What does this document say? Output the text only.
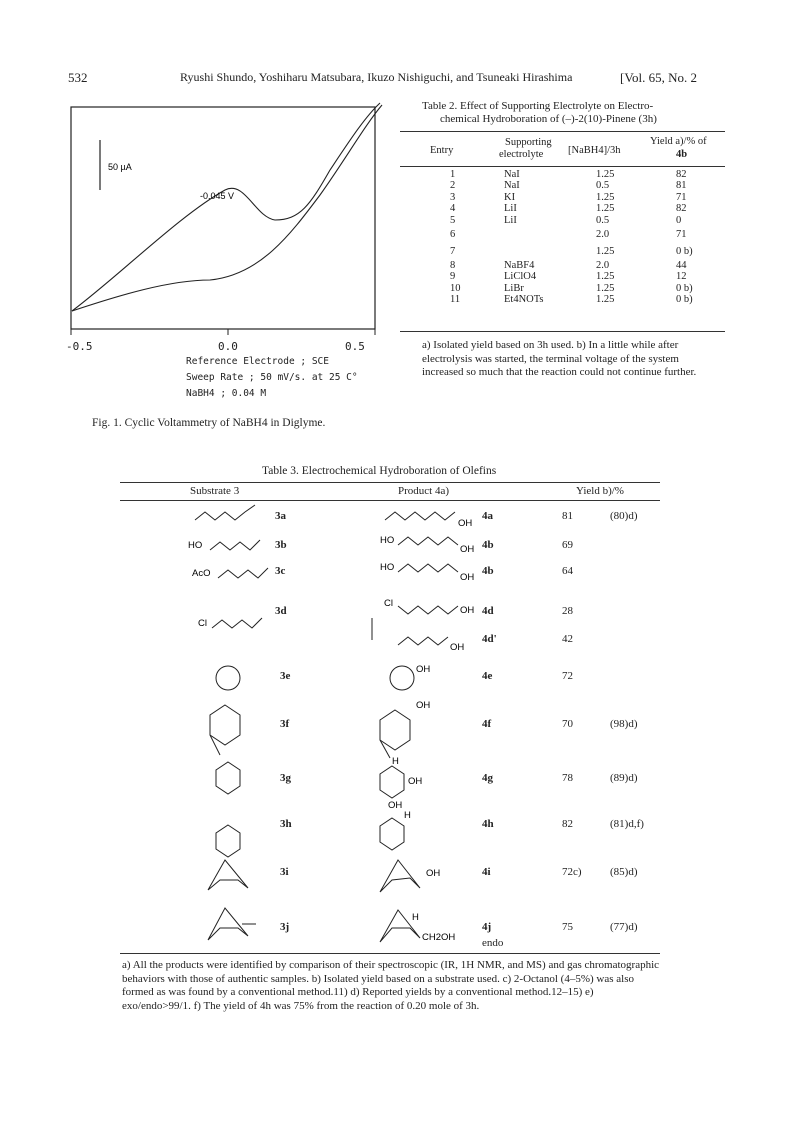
532	Ryushi Shundo, Yoshiharu Matsubara, Ikuzo Nishiguchi, and Tsuneaki Hirashima	[Vol. 65, No. 2
-0.045 V
50 µA
-0.5	0.0	0.5
Reference Electrode ; SCE
Sweep Rate ; 50 mV/s. at 25 C°
NaBH4 ; 0.04 M
Fig. 1. Cyclic Voltammetry of NaBH4 in Diglyme.
Table 2. Effect of Supporting Electrolyte on Electro-
chemical Hydroboration of (–)-2(10)-Pinene (3h)
Entry
Supporting
electrolyte [NaBH4]/3h
Yield a)/% of
4b
1	NaI	1.25	82
2	NaI	0.5	81
3	KI	1.25	71
4	LiI	1.25	82
5	LiI	0.5	0
6		2.0	71
7		1.25	0 b)
8	NaBF4	2.0	44
9	LiClO4	1.25	12
10	LiBr	1.25	0 b)
11	Et4NOTs	1.25	0 b)
a) Isolated yield based on 3h used. b) In a little while after electrolysis was started, the terminal voltage of the system increased so much that the reaction could not continue further.
Table 3. Electrochemical Hydroboration of Olefins
Substrate 3	Product 4a)	Yield b)/%
3a	4a	81	(80)d)
3b	4b	69
3c	4b	64
3d	4d	28
4d'	42
3e	4e	72
3f	4f	70	(98)d)
3g	4g	78	(89)d)
3h	4h	82	(81)d,f)
3i	4i	72c)	(85)d)
3j	4j	75	(77)d)
OH
HO	HO
OH
AcO
HO
OH
Cl
Cl
OH
OH
OH
OH
H
OH
OH
H
OH
H
CH2OH endo
a) All the products were identified by comparison of their spectroscopic (IR, 1H NMR, and MS) and gas chromatographic behaviors with those of authentic samples. b) Isolated yield based on a substrate used. c) 2-Octanol (4–5%) was also formed as was found by a conventional method.11) d) Reported yields by a conventional method.12–15) e) exo/endo>99/1. f) The yield of 4h was 75% from the reaction of 0.20 mole of 3h.
